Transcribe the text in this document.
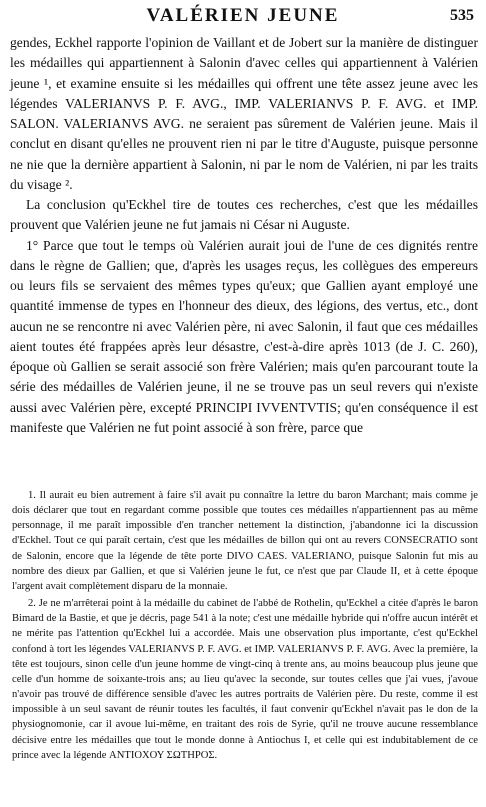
VALÉRIEN JEUNE	535

gendes, Eckhel rapporte l'opinion de Vaillant et de Jobert sur la manière de distinguer les médailles qui appartiennent à Salonin d'avec celles qui appartiennent à Valérien jeune ¹, et examine ensuite si les médailles qui offrent une tête assez jeune avec les légendes VALERIANVS P. F. AVG., IMP. VALERIANVS P. F. AVG. et IMP. SALON. VALERIANVS AVG. ne seraient pas sûrement de Valérien jeune. Mais il conclut en disant qu'elles ne prouvent rien ni par le titre d'Auguste, puisque personne ne nie que la dernière appartient à Salonin, ni par le nom de Valérien, ni par les traits du visage ².

La conclusion qu'Eckhel tire de toutes ces recherches, c'est que les médailles prouvent que Valérien jeune ne fut jamais ni César ni Auguste.

1° Parce que tout le temps où Valérien aurait joui de l'une de ces dignités rentre dans le règne de Gallien; que, d'après les usages reçus, les collègues des empereurs ou leurs fils se servaient des mêmes types qu'eux; que Gallien ayant employé une quantité immense de types en l'honneur des dieux, des légions, des vertus, etc., dont aucun ne se rencontre ni avec Valérien père, ni avec Salonin, il faut que ces médailles aient toutes été frappées après leur désastre, c'est-à-dire après 1013 (de J. C. 260), époque où Gallien se serait associé son frère Valérien; mais qu'en parcourant toute la série des médailles de Valérien jeune, il ne se trouve pas un seul revers qui n'existe aussi avec Valérien père, excepté PRINCIPI IVVENTVTIS; qu'en conséquence il est manifeste que Valérien ne fut point associé à son frère, parce que

1. Il aurait eu bien autrement à faire s'il avait pu connaître la lettre du baron Marchant; mais comme je dois déclarer que tout en regardant comme possible que toutes ces médailles n'appartiennent pas au même personnage, il me paraît impossible d'en trancher nettement la distinction, j'abandonne ici la discussion d'Eckhel. Tout ce qui paraît certain, c'est que les médailles de billon qui ont au revers CONSECRATIO sont de Salonin, encore que la légende de tête porte DIVO CAES. VALERIANO, puisque Salonin fut mis au nombre des dieux par Gallien, et que si Valérien jeune le fut, ce n'est que par Claude II, et à cette époque l'argent avait complètement disparu de la monnaie.

2. Je ne m'arrêterai point à la médaille du cabinet de l'abbé de Rothelin, qu'Eckhel a citée d'après le baron Bimard de la Bastie, et que je décris, page 541 à la note; c'est une médaille hybride qui n'offre aucun intérêt et ne mérite pas l'attention qu'Eckhel lui a accordée. Mais une observation plus importante, c'est qu'Eckhel confond à tort les légendes VALERIANVS P. F. AVG. et IMP. VALERIANVS P. F. AVG. Avec la première, la tête est toujours, sinon celle d'un jeune homme de vingt-cinq à trente ans, au moins beaucoup plus jeune que celle d'un homme de soixante-trois ans; au lieu qu'avec la seconde, sur toutes celles que j'ai vues, j'avoue n'avoir pas trouvé de différence sensible d'avec les autres portraits de Valérien père. Du reste, comme il est impossible à un seul savant de réunir toutes les facultés, il faut convenir qu'Eckhel n'avait pas le don de la physiognomonie, car il avoue lui-même, en traitant des rois de Syrie, qu'il ne trouve aucune ressemblance décisive entre les médailles que tout le monde donne à Antiochus I, et celle qui est indubitablement de ce prince avec la légende ΑΝΤΙΟΧΟΥ ΣΩΤΗΡΟΣ.
